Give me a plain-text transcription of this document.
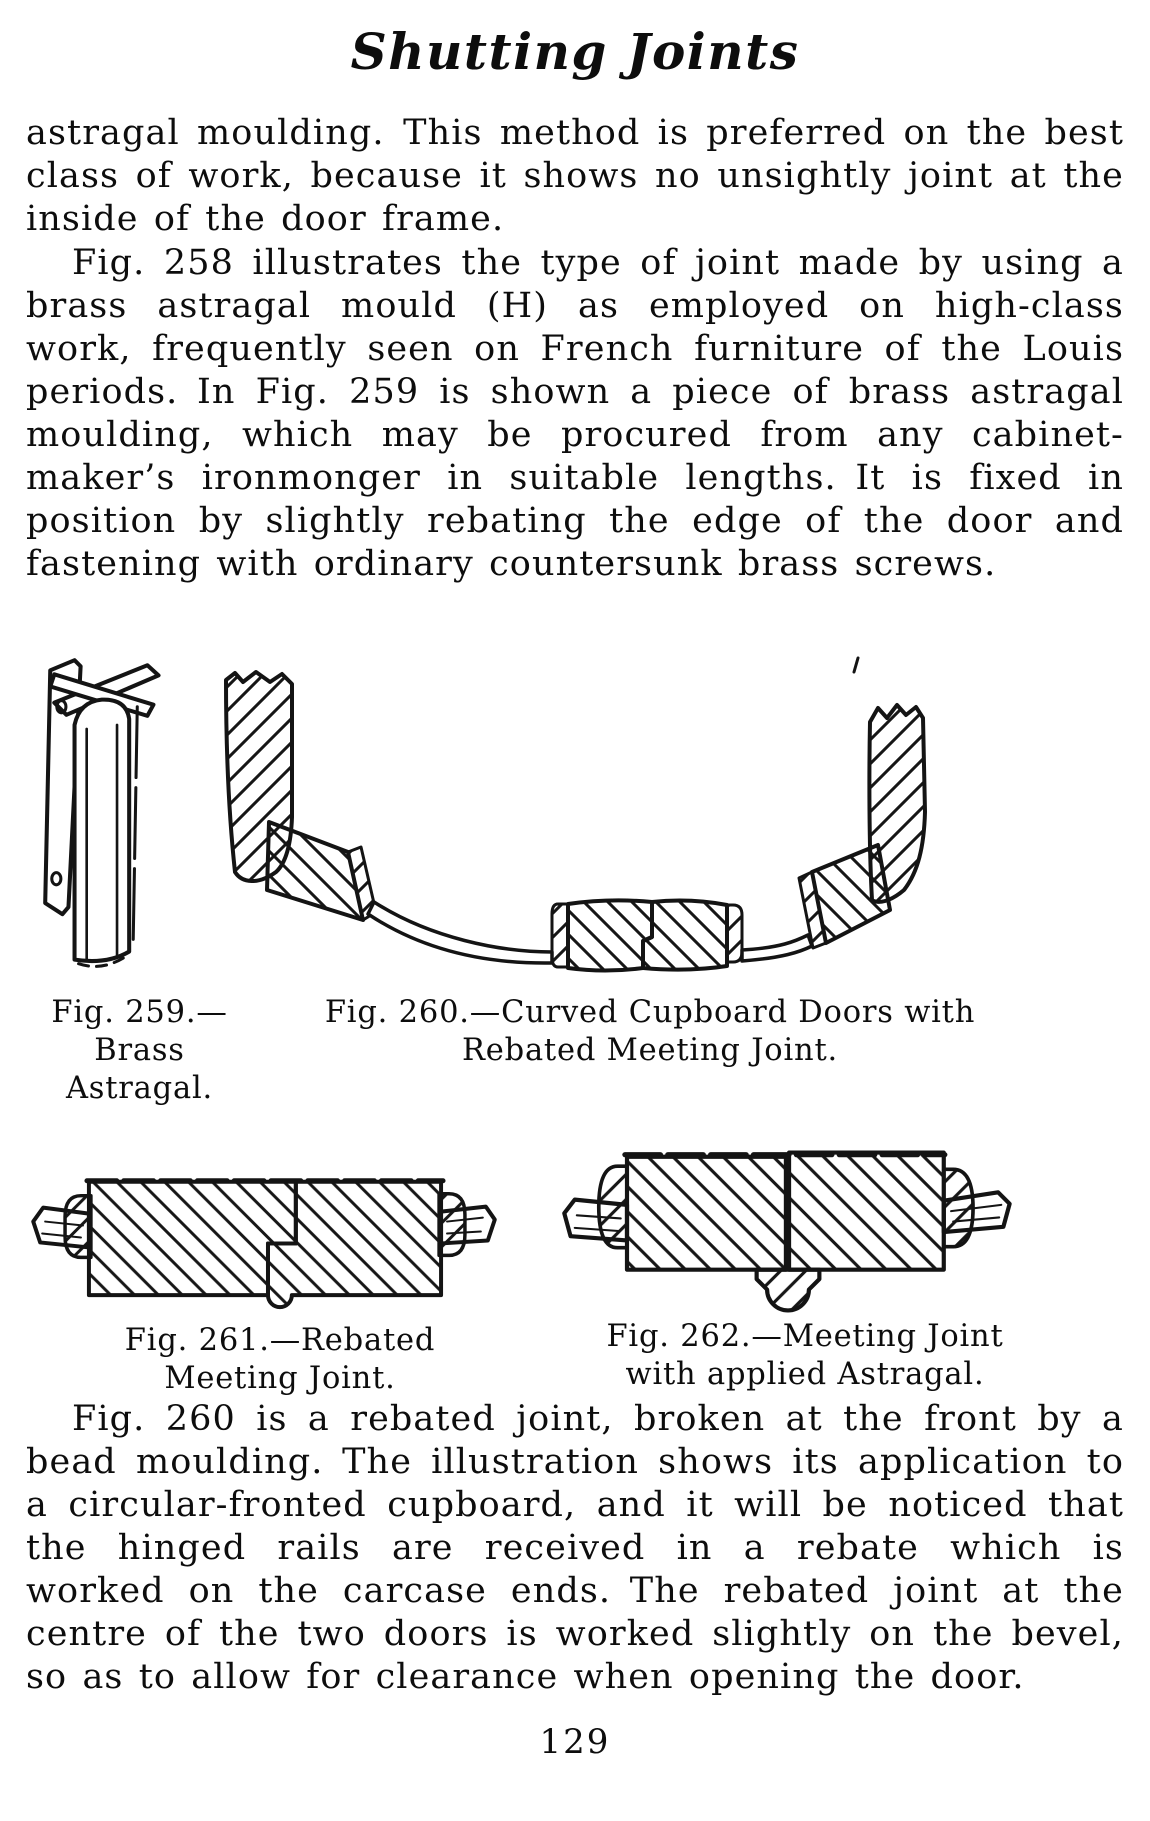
Shutting Joints

astragal moulding. This method is preferred on the best class of work, because it shows no unsightly joint at the inside of the door frame.

Fig. 258 illustrates the type of joint made by using a brass astragal mould (H) as employed on high-class work, frequently seen on French furniture of the Louis periods. In Fig. 259 is shown a piece of brass astragal moulding, which may be procured from any cabinet-maker’s ironmonger in suitable lengths. It is fixed in position by slightly rebating the edge of the door and fastening with ordinary countersunk brass screws.

Fig. 259.—
Brass
Astragal.
Fig. 260.—Curved Cupboard Doors with
Rebated Meeting Joint.
Fig. 261.—Rebated
Meeting Joint.
Fig. 262.—Meeting Joint
with applied Astragal.

Fig. 260 is a rebated joint, broken at the front by a bead moulding. The illustration shows its application to a circular-fronted cupboard, and it will be noticed that the hinged rails are received in a rebate which is worked on the carcase ends. The rebated joint at the centre of the two doors is worked slightly on the bevel, so as to allow for clearance when opening the door.

129
